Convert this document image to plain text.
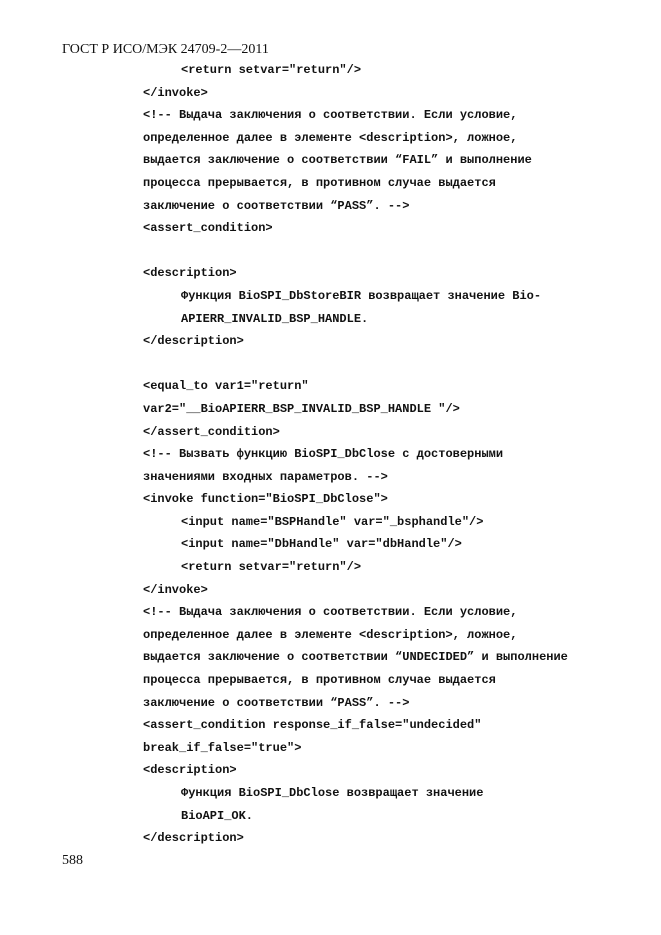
ГОСТ Р ИСО/МЭК 24709-2—2011
<return setvar="return"/>
</invoke>
<!-- Выдача заключения о соответствии. Если условие,
определенное далее в элементе <description>, ложное,
выдается заключение о соответствии “FAIL” и выполнение
процесса прерывается, в противном случае выдается
заключение о соответствии “PASS”. -->
<assert_condition>
<description>
Функция BioSPI_DbStoreBIR возвращает значение Bio-
APIERR_INVALID_BSP_HANDLE.
</description>
<equal_to var1="return"
var2="__BioAPIERR_BSP_INVALID_BSP_HANDLE "/>
</assert_condition>
<!-- Вызвать функцию BioSPI_DbClose с достоверными
значениями входных параметров. -->
<invoke function="BioSPI_DbClose">
<input name="BSPHandle" var="_bsphandle"/>
<input name="DbHandle" var="dbHandle"/>
<return setvar="return"/>
</invoke>
<!-- Выдача заключения о соответствии. Если условие,
определенное далее в элементе <description>, ложное,
выдается заключение о соответствии “UNDECIDED” и выполнение
процесса прерывается, в противном случае выдается
заключение о соответствии “PASS”. -->
<assert_condition response_if_false="undecided"
break_if_false="true">
<description>
Функция BioSPI_DbClose возвращает значение
BioAPI_OK.
</description>
588
